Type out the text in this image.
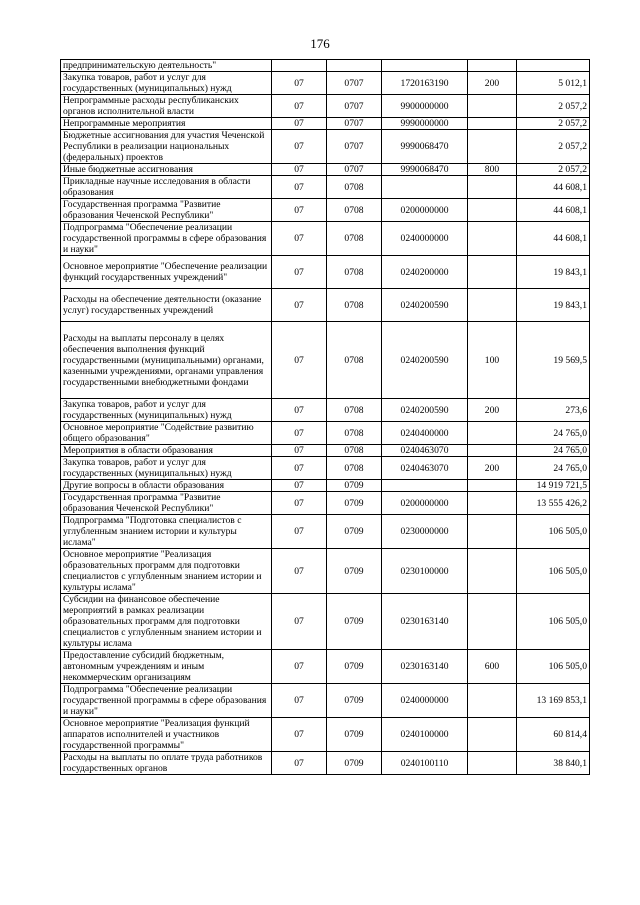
176
предпринимательскую деятельность"					
Закупка товаров, работ и услуг для государственных (муниципальных) нужд	07	0707	1720163190	200	5 012,1
Непрограммные расходы республиканских органов исполнительной власти	07	0707	9900000000		2 057,2
Непрограммные мероприятия	07	0707	9990000000		2 057,2
Бюджетные ассигнования для участия Чеченской Республики в реализации национальных (федеральных) проектов	07	0707	9990068470		2 057,2
Иные бюджетные ассигнования	07	0707	9990068470	800	2 057,2
Прикладные научные исследования в области образования	07	0708			44 608,1
Государственная программа "Развитие образования Чеченской Республики"	07	0708	0200000000		44 608,1
Подпрограмма "Обеспечение реализации государственной программы в сфере образования и науки"	07	0708	0240000000		44 608,1
Основное мероприятие "Обеспечение реализации функций государственных учреждений"	07	0708	0240200000		19 843,1
Расходы на обеспечение деятельности (оказание услуг) государственных учреждений	07	0708	0240200590		19 843,1
Расходы на выплаты персоналу в целях обеспечения выполнения функций государственными (муниципальными) органами, казенными учреждениями, органами управления государственными внебюджетными фондами	07	0708	0240200590	100	19 569,5
Закупка товаров, работ и услуг для государственных (муниципальных) нужд	07	0708	0240200590	200	273,6
Основное мероприятие "Содействие развитию общего образования"	07	0708	0240400000		24 765,0
Мероприятия в области образования	07	0708	0240463070		24 765,0
Закупка товаров, работ и услуг для государственных (муниципальных) нужд	07	0708	0240463070	200	24 765,0
Другие вопросы в области образования	07	0709			14 919 721,5
Государственная программа "Развитие образования Чеченской Республики"	07	0709	0200000000		13 555 426,2
Подпрограмма "Подготовка специалистов с углубленным знанием истории и культуры ислама"	07	0709	0230000000		106 505,0
Основное мероприятие "Реализация образовательных программ для подготовки специалистов с углубленным знанием истории и культуры ислама"	07	0709	0230100000		106 505,0
Субсидии на финансовое обеспечение мероприятий в рамках реализации образовательных программ для подготовки специалистов с углубленным знанием истории и культуры ислама	07	0709	0230163140		106 505,0
Предоставление субсидий бюджетным, автономным учреждениям и иным некоммерческим организациям	07	0709	0230163140	600	106 505,0
Подпрограмма "Обеспечение реализации государственной программы в сфере образования и науки"	07	0709	0240000000		13 169 853,1
Основное мероприятие "Реализация функций аппаратов исполнителей и участников государственной программы"	07	0709	0240100000		60 814,4
Расходы на выплаты по оплате труда работников государственных органов	07	0709	0240100110		38 840,1
